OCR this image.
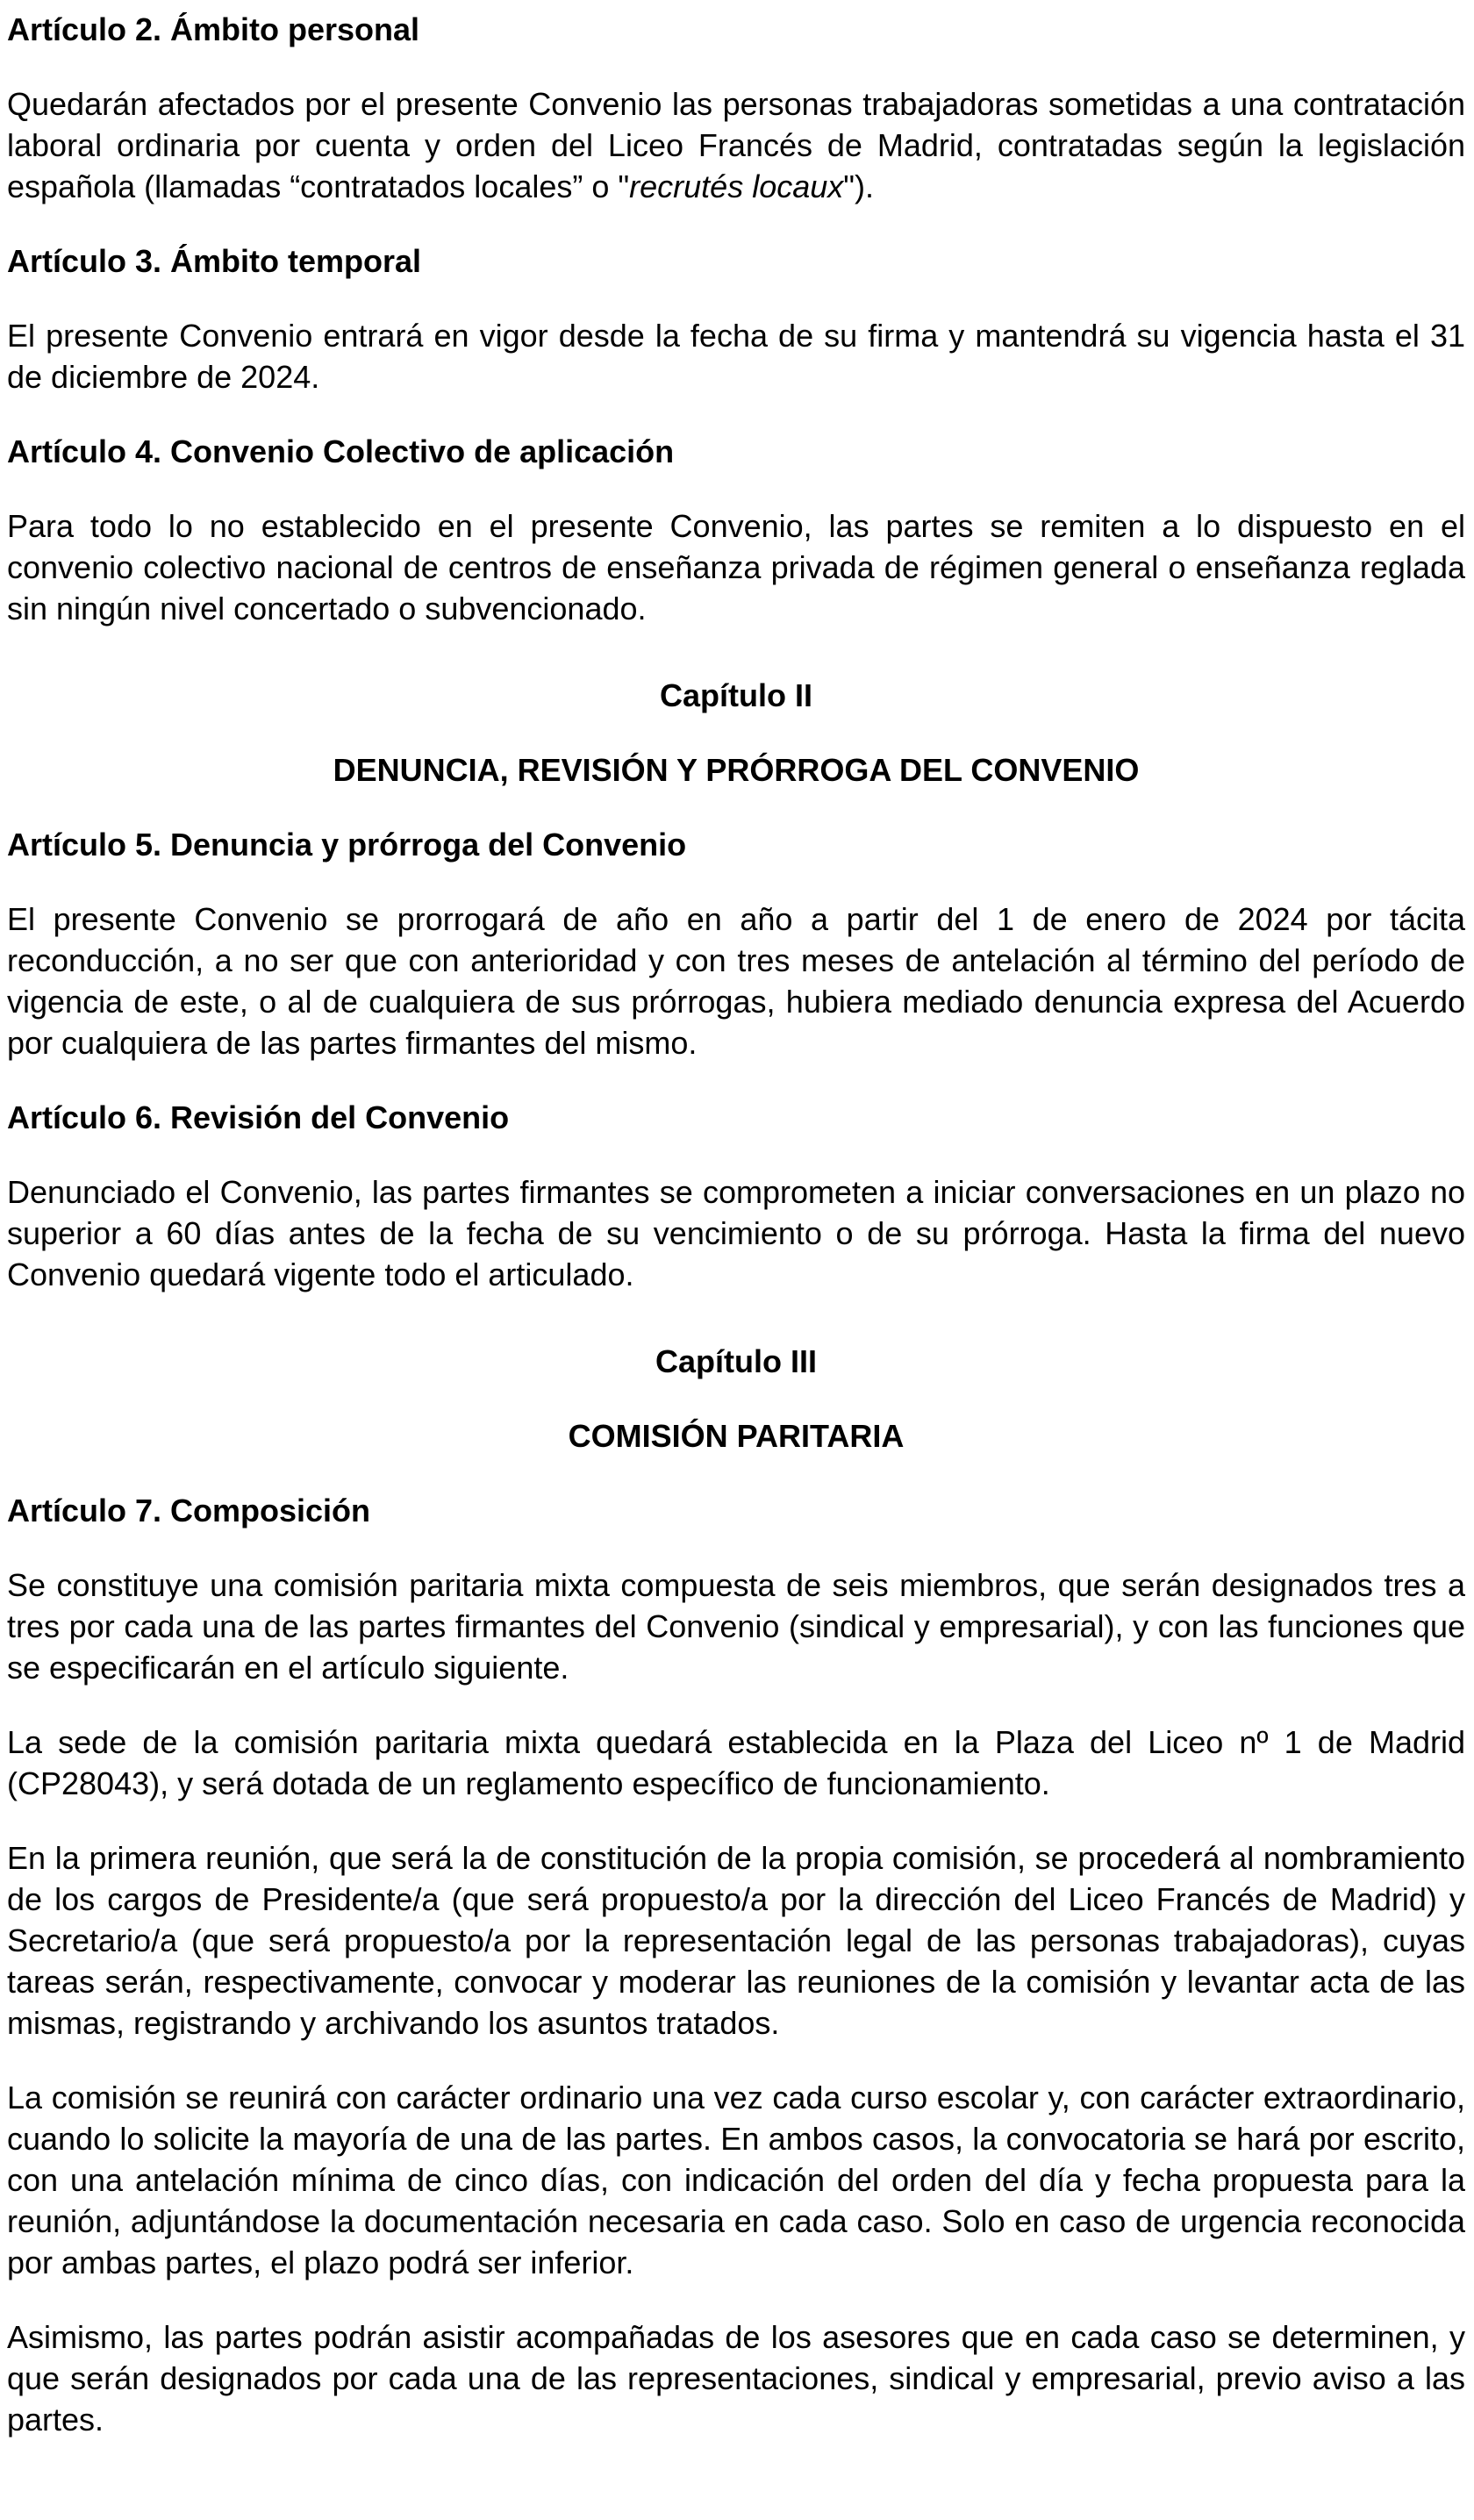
Artículo 2. Ámbito personal

Quedarán afectados por el presente Convenio las personas trabajadoras sometidas a una contratación laboral ordinaria por cuenta y orden del Liceo Francés de Madrid, contratadas según la legislación española (llamadas “contratados locales” o "recrutés locaux").

Artículo 3. Ámbito temporal

El presente Convenio entrará en vigor desde la fecha de su firma y mantendrá su vigencia hasta el 31 de diciembre de 2024.

Artículo 4. Convenio Colectivo de aplicación

Para todo lo no establecido en el presente Convenio, las partes se remiten a lo dispuesto en el convenio colectivo nacional de centros de enseñanza privada de régimen general o enseñanza reglada sin ningún nivel concertado o subvencionado.

Capítulo II

DENUNCIA, REVISIÓN Y PRÓRROGA DEL CONVENIO

Artículo 5. Denuncia y prórroga del Convenio

El presente Convenio se prorrogará de año en año a partir del 1 de enero de 2024 por tácita reconducción, a no ser que con anterioridad y con tres meses de antelación al término del período de vigencia de este, o al de cualquiera de sus prórrogas, hubiera mediado denuncia expresa del Acuerdo por cualquiera de las partes firmantes del mismo.

Artículo 6. Revisión del Convenio

Denunciado el Convenio, las partes firmantes se comprometen a iniciar conversaciones en un plazo no superior a 60 días antes de la fecha de su vencimiento o de su prórroga. Hasta la firma del nuevo Convenio quedará vigente todo el articulado.

Capítulo III

COMISIÓN PARITARIA

Artículo 7. Composición

Se constituye una comisión paritaria mixta compuesta de seis miembros, que serán designados tres a tres por cada una de las partes firmantes del Convenio (sindical y empresarial), y con las funciones que se especificarán en el artículo siguiente.

La sede de la comisión paritaria mixta quedará establecida en la Plaza del Liceo nº 1 de Madrid (CP28043), y será dotada de un reglamento específico de funcionamiento.

En la primera reunión, que será la de constitución de la propia comisión, se procederá al nombramiento de los cargos de Presidente/a (que será propuesto/a por la dirección del Liceo Francés de Madrid) y Secretario/a (que será propuesto/a por la representación legal de las personas trabajadoras), cuyas tareas serán, respectivamente, convocar y moderar las reuniones de la comisión y levantar acta de las mismas, registrando y archivando los asuntos tratados.

La comisión se reunirá con carácter ordinario una vez cada curso escolar y, con carácter extraordinario, cuando lo solicite la mayoría de una de las partes. En ambos casos, la convocatoria se hará por escrito, con una antelación mínima de cinco días, con indicación del orden del día y fecha propuesta para la reunión, adjuntándose la documentación necesaria en cada caso. Solo en caso de urgencia reconocida por ambas partes, el plazo podrá ser inferior.

Asimismo, las partes podrán asistir acompañadas de los asesores que en cada caso se determinen, y que serán designados por cada una de las representaciones, sindical y empresarial, previo aviso a las partes.
